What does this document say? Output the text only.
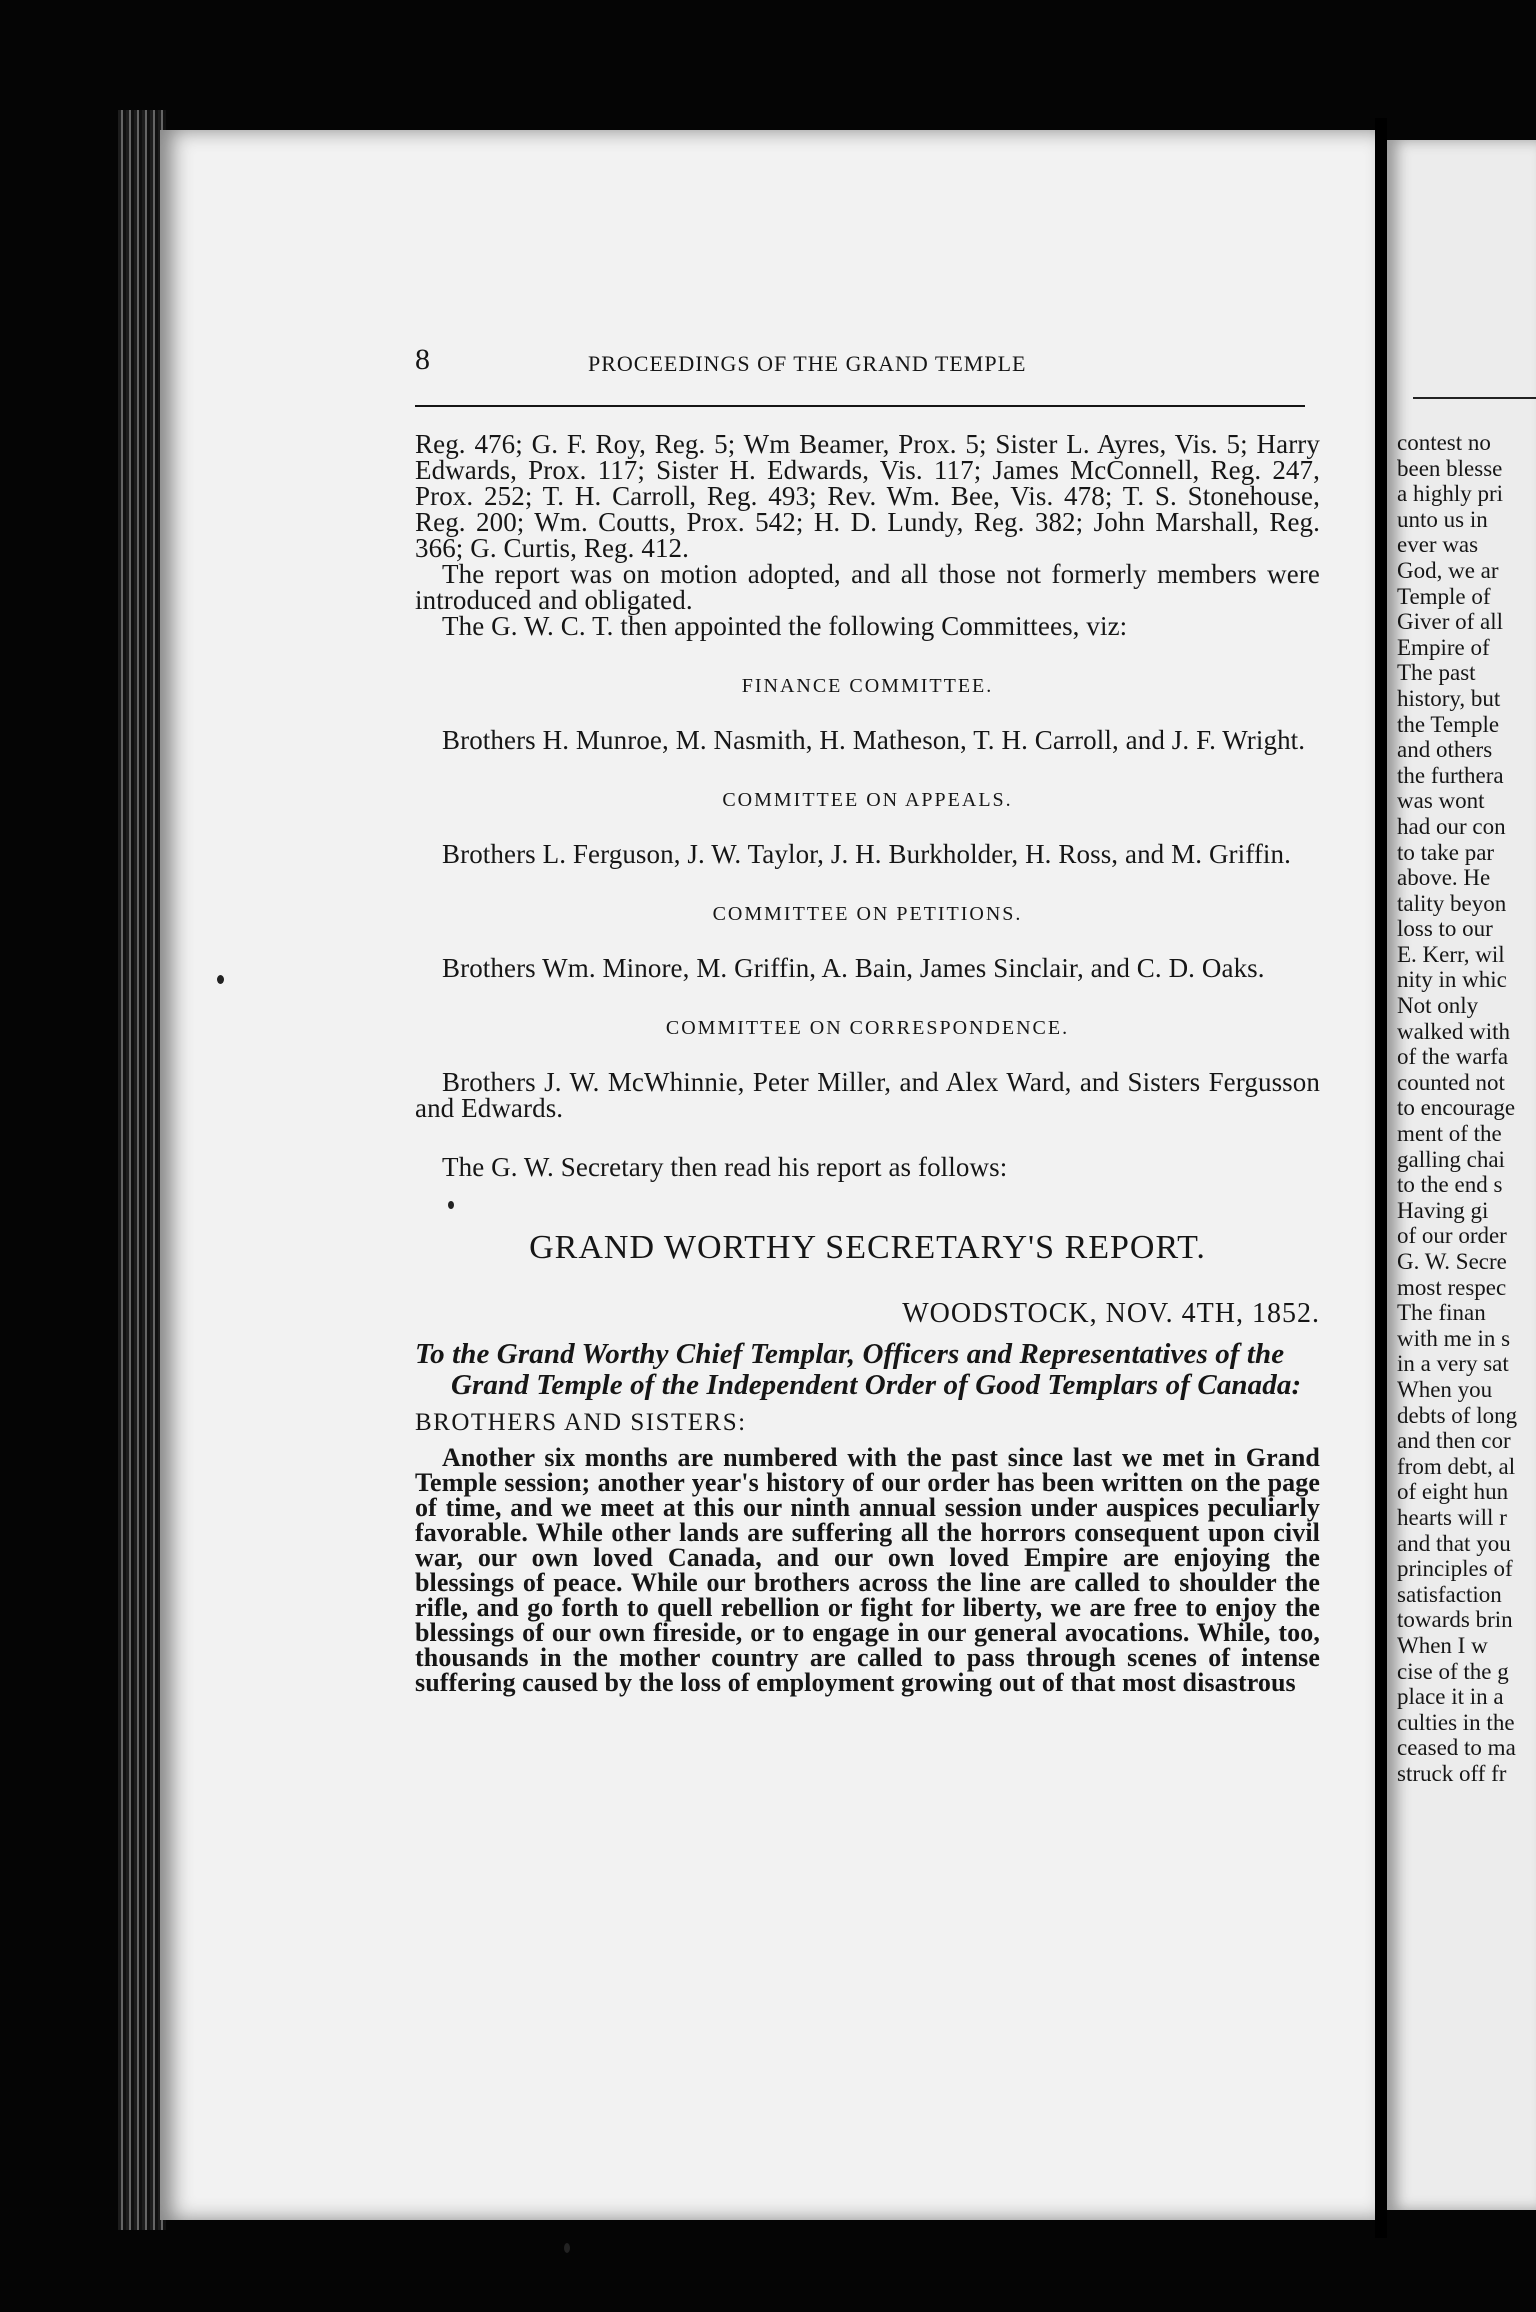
8	PROCEEDINGS OF THE GRAND TEMPLE

Reg. 476; G. F. Roy, Reg. 5; Wm Beamer, Prox. 5; Sister L. Ayres, Vis. 5; Harry Edwards, Prox. 117; Sister H. Edwards, Vis. 117; James McConnell, Reg. 247, Prox. 252; T. H. Carroll, Reg. 493; Rev. Wm. Bee, Vis. 478; T. S. Stonehouse, Reg. 200; Wm. Coutts, Prox. 542; H. D. Lundy, Reg. 382; John Marshall, Reg. 366; G. Curtis, Reg. 412.

The report was on motion adopted, and all those not formerly members were introduced and obligated.

The G. W. C. T. then appointed the following Committees, viz:

FINANCE COMMITTEE.

Brothers H. Munroe, M. Nasmith, H. Matheson, T. H. Carroll, and J. F. Wright.

COMMITTEE ON APPEALS.

Brothers L. Ferguson, J. W. Taylor, J. H. Burkholder, H. Ross, and M. Griffin.

COMMITTEE ON PETITIONS.

Brothers Wm. Minore, M. Griffin, A. Bain, James Sinclair, and C. D. Oaks.

COMMITTEE ON CORRESPONDENCE.

Brothers J. W. McWhinnie, Peter Miller, and Alex Ward, and Sisters Fergusson and Edwards.

The G. W. Secretary then read his report as follows:

GRAND WORTHY SECRETARY'S REPORT.

WOODSTOCK, NOV. 4TH, 1852.

To the Grand Worthy Chief Templar, Officers and Representatives of the Grand Temple of the Independent Order of Good Templars of Canada:

BROTHERS AND SISTERS:

Another six months are numbered with the past since last we met in Grand Temple session; another year's history of our order has been written on the page of time, and we meet at this our ninth annual session under auspices peculiarly favorable. While other lands are suffering all the horrors consequent upon civil war, our own loved Canada, and our own loved Empire are enjoying the blessings of peace. While our brothers across the line are called to shoulder the rifle, and go forth to quell rebellion or fight for liberty, we are free to enjoy the blessings of our own fireside, or to engage in our general avocations. While, too, thousands in the mother country are called to pass through scenes of intense suffering caused by the loss of employment growing out of that most disastrous

contest no
been blesse
a highly pri
unto us in
ever was
God, we ar
Temple of
Giver of all
Empire of
The past
history, but
the Temple
and others
the furthera
was wont
had our con
to take par
above. He
tality beyon
loss to our
E. Kerr, wil
nity in whic
Not only
walked with
of the warfa
counted not
to encourage
ment of the
galling chai
to the end s
Having gi
of our order
G. W. Secre
most respec
The finan
with me in s
in a very sat
When you
debts of long
and then cor
from debt, al
of eight hun
hearts will r
and that you
principles of
satisfaction
towards brin
When I w
cise of the g
place it in a
culties in the
ceased to ma
struck off fr
